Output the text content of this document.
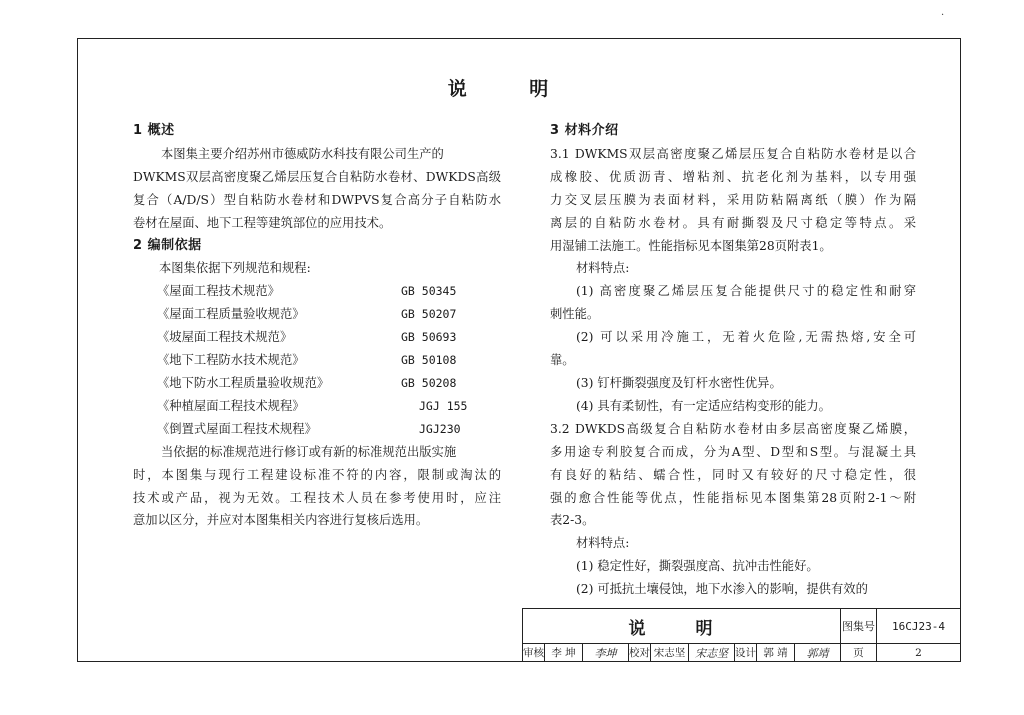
·
说 明
1 概述

本图集主要介绍苏州市德威防水科技有限公司生产的

DWKMS双层高密度聚乙烯层压复合自粘防水卷材、DWKDS高级

复合（A/D/S）型自粘防水卷材和DWPVS复合高分子自粘防水

卷材在屋面、地下工程等建筑部位的应用技术。

2 编制依据

本图集依据下列规范和规程:

《屋面工程技术规范》	GB 50345
《屋面工程质量验收规范》	GB 50207
《坡屋面工程技术规范》	GB 50693
《地下工程防水技术规范》	GB 50108
《地下防水工程质量验收规范》	GB 50208
《种植屋面工程技术规程》	JGJ 155
《倒置式屋面工程技术规程》	JGJ230

当依据的标准规范进行修订或有新的标准规范出版实施

时，本图集与现行工程建设标准不符的内容，限制或淘汰的

技术或产品，视为无效。工程技术人员在参考使用时，应注

意加以区分，并应对本图集相关内容进行复核后选用。

3 材料介绍

3.1 DWKMS双层高密度聚乙烯层压复合自粘防水卷材是以合

成橡胶、优质沥青、增粘剂、抗老化剂为基料，以专用强

力交叉层压膜为表面材料，采用防粘隔离纸（膜）作为隔

离层的自粘防水卷材。具有耐撕裂及尺寸稳定等特点。采

用湿铺工法施工。性能指标见本图集第28页附表1。

材料特点:

(1) 高密度聚乙烯层压复合能提供尺寸的稳定性和耐穿

刺性能。

(2) 可以采用冷施工，无着火危险,无需热熔,安全可

靠。

(3) 钉杆撕裂强度及钉杆水密性优异。

(4) 具有柔韧性，有一定适应结构变形的能力。

3.2 DWKDS高级复合自粘防水卷材由多层高密度聚乙烯膜，

多用途专利胶复合而成，分为A型、D型和S型。与混凝土具

有良好的粘结、蠕合性，同时又有较好的尺寸稳定性，很

强的愈合性能等优点，性能指标见本图集第28页附2-1～附

表2-3。

材料特点:

(1) 稳定性好，撕裂强度高、抗冲击性能好。

(2) 可抵抗土壤侵蚀，地下水渗入的影响，提供有效的

说 明	图集号	16CJ23-4
审核 李 坤	李坤	校对 宋志坚 宋志坚 设计 郭 靖	郭靖	页	2
